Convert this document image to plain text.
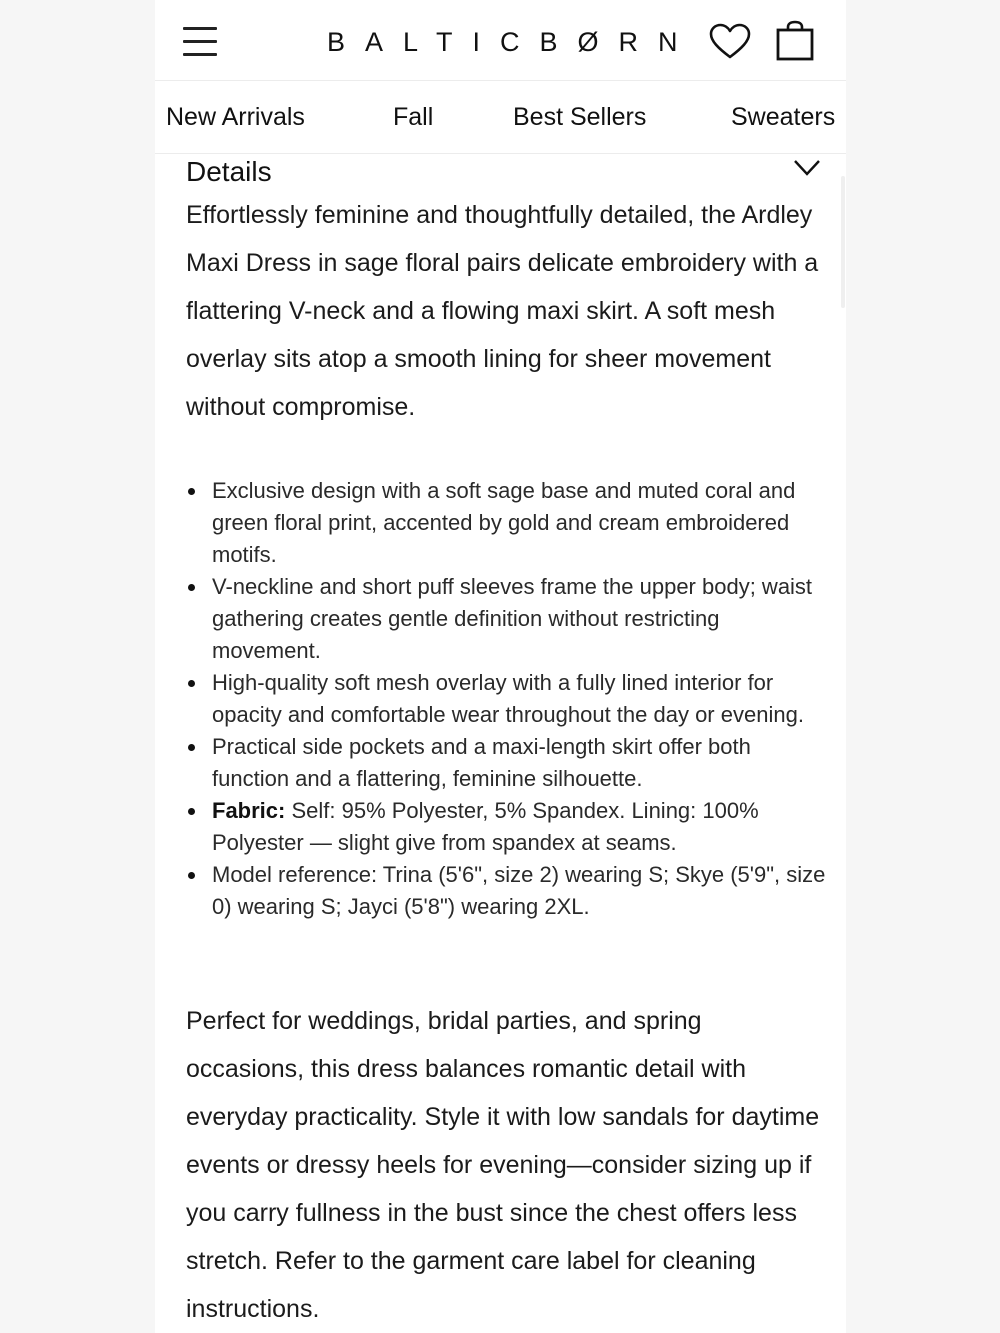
BALTICBØRN
New Arrivals	Fall	Best Sellers	Sweaters
Details

Effortlessly feminine and thoughtfully detailed, the Ardley Maxi Dress in sage floral pairs delicate embroidery with a flattering V-neck and a flowing maxi skirt. A soft mesh overlay sits atop a smooth lining for sheer movement without compromise.

Exclusive design with a soft sage base and muted coral and green floral print, accented by gold and cream embroidered motifs.
V-neckline and short puff sleeves frame the upper body; waist gathering creates gentle definition without restricting movement.
High-quality soft mesh overlay with a fully lined interior for opacity and comfortable wear throughout the day or evening.
Practical side pockets and a maxi-length skirt offer both function and a flattering, feminine silhouette.
Fabric: Self: 95% Polyester, 5% Spandex. Lining: 100% Polyester — slight give from spandex at seams.
Model reference: Trina (5'6", size 2) wearing S; Skye (5'9", size 0) wearing S; Jayci (5'8") wearing 2XL.

Perfect for weddings, bridal parties, and spring occasions, this dress balances romantic detail with everyday practicality. Style it with low sandals for daytime events or dressy heels for evening—consider sizing up if you carry fullness in the bust since the chest offers less stretch. Refer to the garment care label for cleaning instructions.
